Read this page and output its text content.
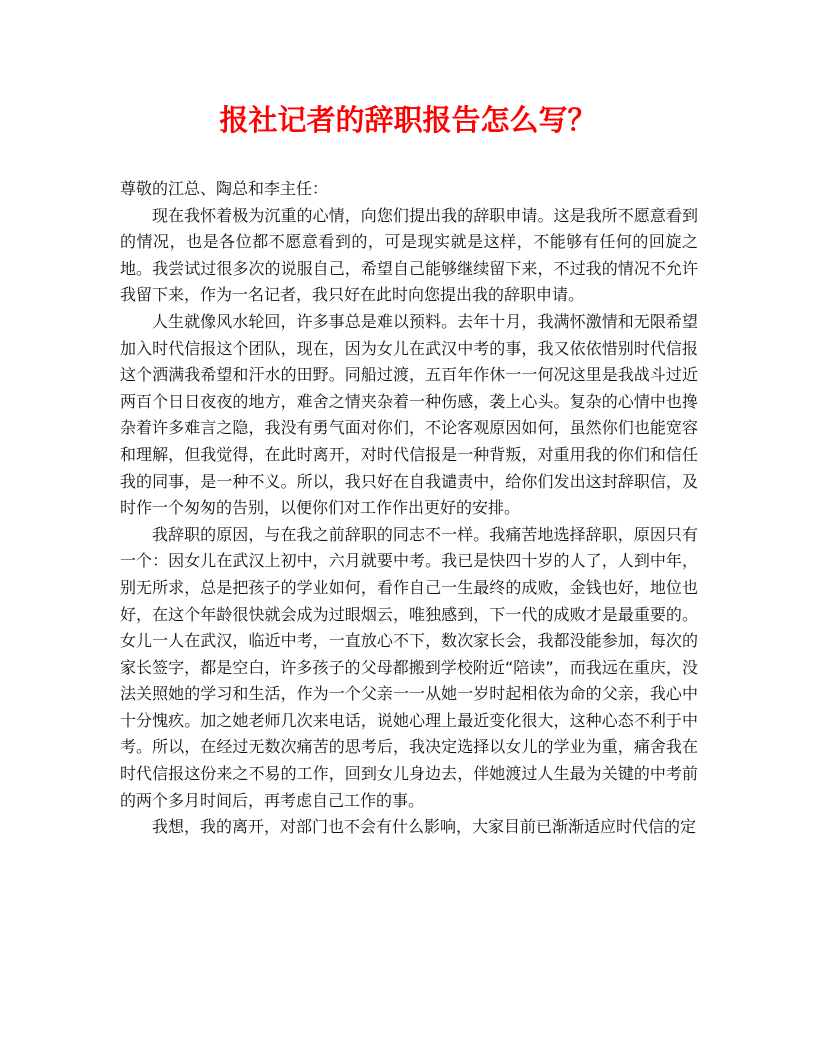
报社记者的辞职报告怎么写？

尊敬的江总、陶总和李主任：

现在我怀着极为沉重的心情，向您们提出我的辞职申请。这是我所不愿意看到的情况，也是各位都不愿意看到的，可是现实就是这样，不能够有任何的回旋之地。我尝试过很多次的说服自己，希望自己能够继续留下来，不过我的情况不允许我留下来，作为一名记者，我只好在此时向您提出我的辞职申请。

人生就像风水轮回，许多事总是难以预料。去年十月，我满怀激情和无限希望加入时代信报这个团队，现在，因为女儿在武汉中考的事，我又依依惜别时代信报这个洒满我希望和汗水的田野。同船过渡，五百年作休一一何况这里是我战斗过近两百个日日夜夜的地方，难舍之情夹杂着一种伤感，袭上心头。复杂的心情中也搀杂着许多难言之隐，我没有勇气面对你们，不论客观原因如何，虽然你们也能宽容和理解，但我觉得，在此时离开，对时代信报是一种背叛，对重用我的你们和信任我的同事，是一种不义。所以，我只好在自我谴责中，给你们发出这封辞职信，及时作一个匆匆的告别，以便你们对工作作出更好的安排。

我辞职的原因，与在我之前辞职的同志不一样。我痛苦地选择辞职，原因只有一个：因女儿在武汉上初中，六月就要中考。我已是快四十岁的人了，人到中年，别无所求，总是把孩子的学业如何，看作自己一生最终的成败，金钱也好，地位也好，在这个年龄很快就会成为过眼烟云，唯独感到，下一代的成败才是最重要的。女儿一人在武汉，临近中考，一直放心不下，数次家长会，我都没能参加，每次的家长签字，都是空白，许多孩子的父母都搬到学校附近“陪读”，而我远在重庆，没法关照她的学习和生活，作为一个父亲一一从她一岁时起相依为命的父亲，我心中十分愧疚。加之她老师几次来电话，说她心理上最近变化很大，这种心态不利于中考。所以，在经过无数次痛苦的思考后，我决定选择以女儿的学业为重，痛舍我在时代信报这份来之不易的工作，回到女儿身边去，伴她渡过人生最为关键的中考前的两个多月时间后，再考虑自己工作的事。

我想，我的离开，对部门也不会有什么影响，大家目前已渐渐适应时代信的定
